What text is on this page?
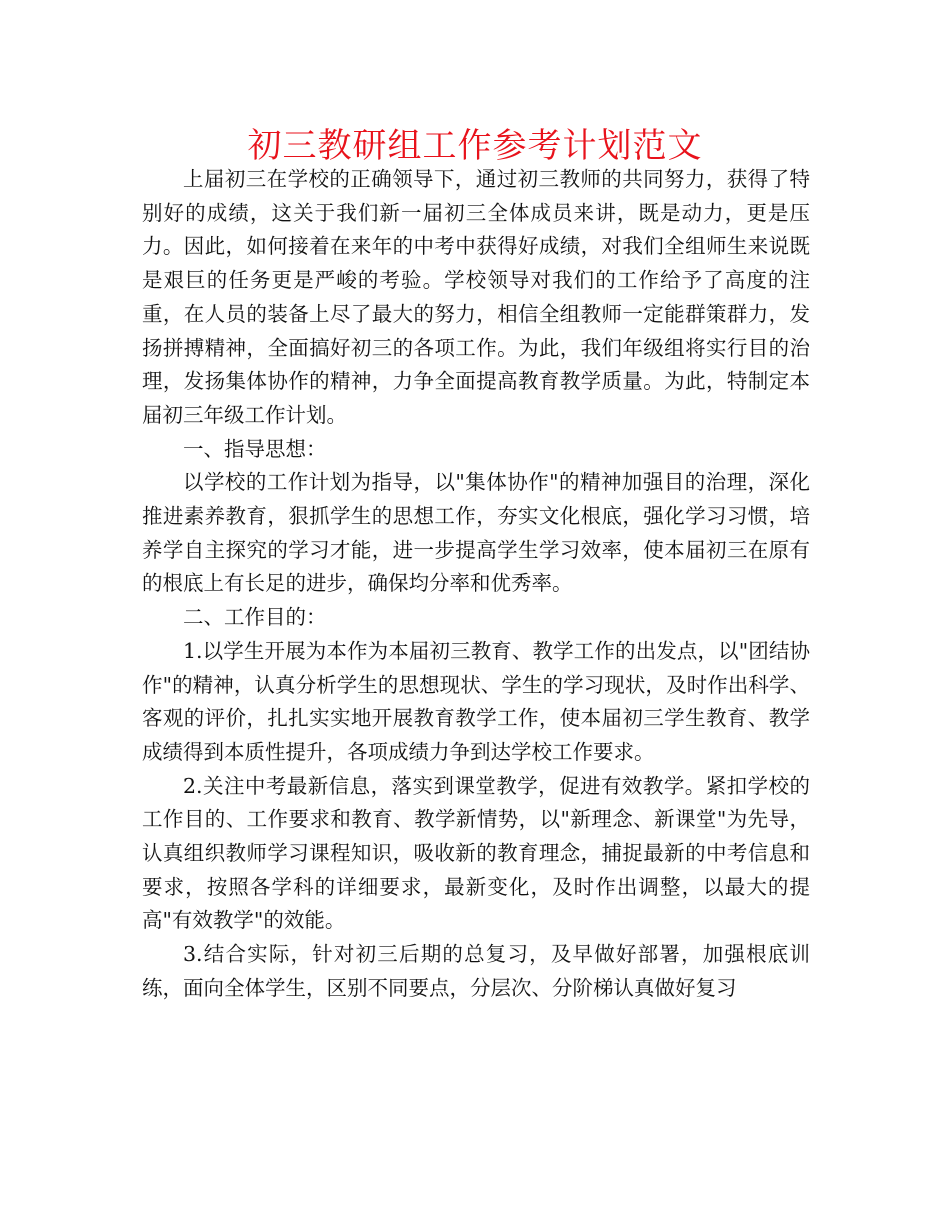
初三教研组工作参考计划范文

上届初三在学校的正确领导下，通过初三教师的共同努力，获得了特别好的成绩，这关于我们新一届初三全体成员来讲，既是动力，更是压力。因此，如何接着在来年的中考中获得好成绩，对我们全组师生来说既是艰巨的任务更是严峻的考验。学校领导对我们的工作给予了高度的注重，在人员的装备上尽了最大的努力，相信全组教师一定能群策群力，发扬拼搏精神，全面搞好初三的各项工作。为此，我们年级组将实行目的治理，发扬集体协作的精神，力争全面提高教育教学质量。为此，特制定本届初三年级工作计划。

一、指导思想：

以学校的工作计划为指导，以"集体协作"的精神加强目的治理，深化推进素养教育，狠抓学生的思想工作，夯实文化根底，强化学习习惯，培养学自主探究的学习才能，进一步提高学生学习效率，使本届初三在原有的根底上有长足的进步，确保均分率和优秀率。

二、工作目的：

1.以学生开展为本作为本届初三教育、教学工作的出发点，以"团结协作"的精神，认真分析学生的思想现状、学生的学习现状，及时作出科学、客观的评价，扎扎实实地开展教育教学工作，使本届初三学生教育、教学成绩得到本质性提升，各项成绩力争到达学校工作要求。

2.关注中考最新信息，落实到课堂教学，促进有效教学。紧扣学校的工作目的、工作要求和教育、教学新情势，以"新理念、新课堂"为先导，认真组织教师学习课程知识，吸收新的教育理念，捕捉最新的中考信息和要求，按照各学科的详细要求，最新变化，及时作出调整，以最大的提高"有效教学"的效能。

3.结合实际，针对初三后期的总复习，及早做好部署，加强根底训练，面向全体学生，区别不同要点，分层次、分阶梯认真做好复习
